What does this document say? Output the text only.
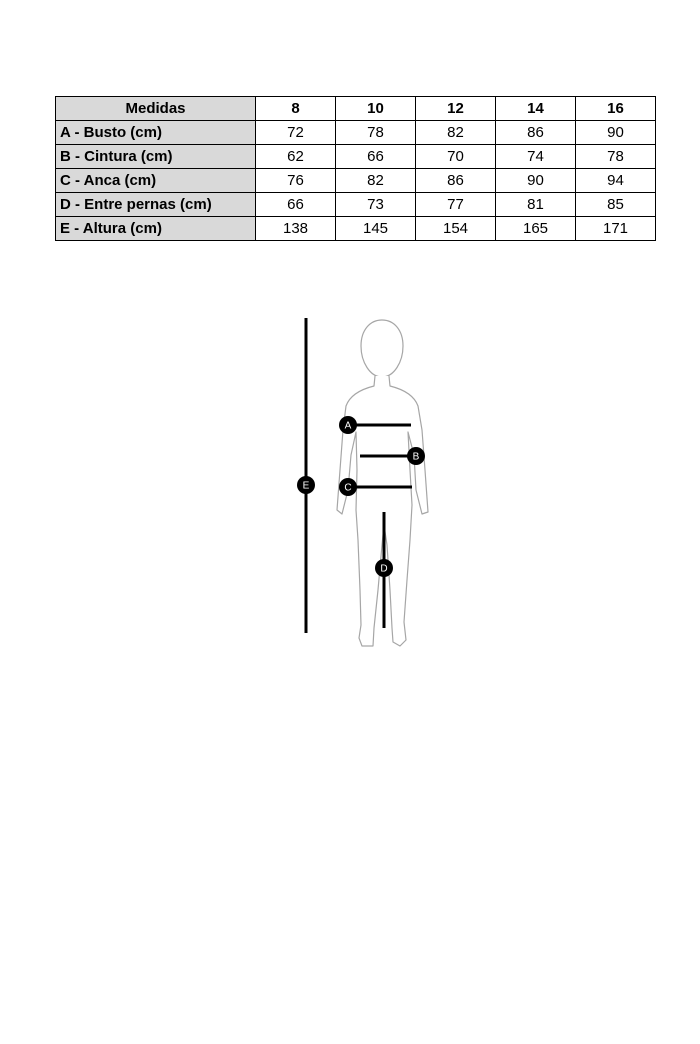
Medidas	8	10	12	14	16
A - Busto (cm)	72	78	82	86	90
B - Cintura (cm)	62	66	70	74	78
C - Anca (cm)	76	82	86	90	94
D - Entre pernas (cm)	66	73	77	81	85
E - Altura (cm)	138	145	154	165	171
E
A
B
C
D
